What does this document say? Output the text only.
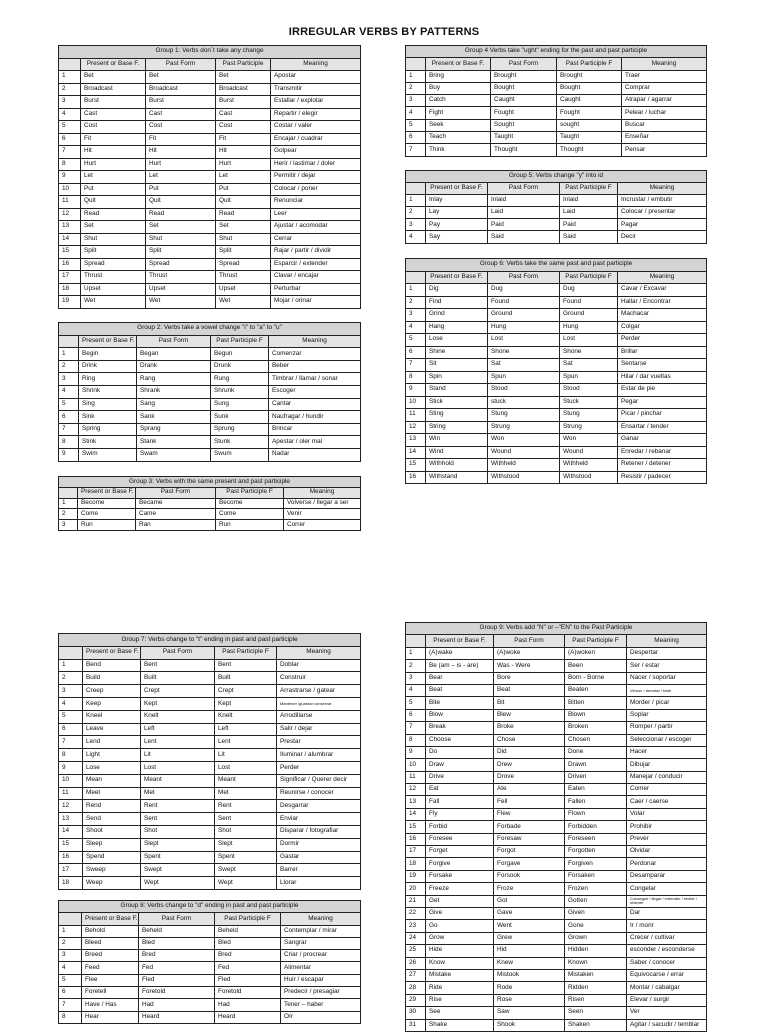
IRREGULAR VERBS BY PATTERNS
Group 1: Verbs don´t take any change				
	Present or Base F.	Past Form	Past Participle	Meaning
1	Bet	Bet	Bet	Apostar
2	Broadcast	Broadcast	Broadcast	Transmitir
3	Burst	Burst	Burst	Estallar / explotar
4	Cast	Cast	Cast	Repartir / elegir
5	Cost	Cost	Cost	Costar / valer
6	Fit	Fit	Fit	Encajar / cuadrar
7	Hit	Hit	Hit	Golpear
8	Hurt	Hurt	Hurt	Herir / lastimar / doler
9	Let	Let	Let	Permitir / dejar
10	Put	Put	Put	Colocar / poner
11	Quit	Quit	Quit	Renunciar
12	Read	Read	Read	Leer
13	Set	Set	Set	Ajustar / acomodar
14	Shut	Shut	Shut	Cerrar
15	Split	Split	Split	Rajar / partir / dividir
16	Spread	Spread	Spread	Esparcir / extender
17	Thrust	Thrust	Thrust	Clavar / encajar
18	Upset	Upset	Upset	Perturbar
19	Wet	Wet	Wet	Mojar / orinar
Group 2: Verbs take a vowel change "i" to "a" to "u"				
	Present or Base F.	Past Form	Past Participle F	Meaning
1	Begin	Began	Begun	Comenzar
2	Drink	Drank	Drunk	Beber
3	Ring	Rang	Rung	Timbrar / llamar / sonar
4	Shrink	Shrank	Shrunk	Escoger
5	Sing	Sang	Sung	Cantar
6	Sink	Sank	Sunk	Naufragar / hundir
7	Spring	Sprang	Sprung	Brincar
8	Stink	Stank	Stunk	Apestar / oler mal
9	Swim	Swam	Swum	Nadar
Group 3: Verbs with the same present and past participle				
	Present or Base F.	Past Form	Past Participle F	Meaning
1	Become	Became	Become	Volverse / llegar a ser
2	Come	Came	Come	Venir
3	Run	Ran	Run	Correr
Group 4 Verbs take "ught" ending for the past and past participle				
	Present or Base F.	Past Form	Past Participle F	Meaning
1	Bring	Brought	Brought	Traer
2	Buy	Bought	Bought	Comprar
3	Catch	Caught	Caught	Atrapar / agarrar
4	Fight	Fought	Fought	Pelear / luchar
5	Seek	Sought	sought	Buscar
6	Teach	Taught	Taught	Enseñar
7	Think	Thought	Thought	Pensar
Group 5: Verbs change "y" into id				
	Present or Base F.	Past Form	Past Participle F	Meaning
1	Inlay	Inlaid	Inlaid	Incrustar / embutir
2	Lay	Laid	Laid	Colocar / presentar
3	Pay	Paid	Paid	Pagar
4	Say	Said	Said	Decir
Group 6: Verbs take the same past and past participle				
	Present or Base F.	Past Form	Past Participle F	Meaning
1	Dig	Dug	Dug	Cavar / Excavar
2	Find	Found	Found	Hallar / Encontrar
3	Grind	Ground	Ground	Machacar
4	Hang	Hung	Hung	Colgar
5	Lose	Lost	Lost	Perder
6	Shine	Shone	Shone	Brillar
7	Sit	Sat	Sat	Sentarse
8	Spin	Spun	Spun	Hilar / dar vueltas
9	Stand	Stood	Stood	Estar de pie
10	Stick	stuck	Stuck	Pegar
11	Sting	Stung	Stung	Picar / pinchar
12	String	Strung	Strung	Ensartar / tender
13	Win	Won	Won	Ganar
14	Wind	Wound	Wound	Enredar / rebanar
15	Withhold	Withheld	Withheld	Retener / detener
16	Withstand	Withstood	Withstood	Resistir / padecer
Group 7: Verbs change to "t" ending in past and past participle				
	Present or Base F.	Past Form	Past Participle F	Meaning
1	Bend	Bent	Bent	Doblar
2	Build	Built	Built	Construir
3	Creep	Crept	Crept	Arrastrarse / gatear
4	Keep	Kept	Kept	Mantener /guardar conservar
5	Kneel	Knelt	Knelt	Arrodillarse
6	Leave	Left	Left	Salir / dejar
7	Lend	Lent	Lent	Prestar
8	Light	Lit	Lit	Iluminar / alumbrar
9	Lose	Lost	Lost	Perder
10	Mean	Meant	Meant	Significar / Querer decir
11	Meet	Met	Met	Reunirse / conocer
12	Rend	Rent	Rent	Desgarrar
13	Send	Sent	Sent	Enviar
14	Shoot	Shot	Shot	Disparar / fotografiar
15	Sleep	Slept	Slept	Dormir
16	Spend	Spent	Spent	Gastar
17	Sweep	Swept	Swept	Barrer
18	Weep	Wept	Wept	Llorar
Group 8: Verbs change to "d" ending in past and past participle				
	Present or Base F.	Past Form	Past Participle F	Meaning
1	Behold	Beheld	Beheld	Contemplar / mirar
2	Bleed	Bled	Bled	Sangrar
3	Breed	Bred	Bred	Criar / procrear
4	Feed	Fed	Fed	Alimentar
5	Flee	Fled	Fled	Huir / escapar
6	Foretell	Foretold	Foretold	Predecir / presagiar
7	Have / Has	Had	Had	Tener – haber
8	Hear	Heard	Heard	Oír
Group 9: Verbs add "N" or –"EN" to the Past Participle				
	Present or Base F.	Past Form	Past Participle F	Meaning
1	(A)wake	(A)woke	(A)woken	Despertar
2	Be (am – is - are)	Was - Were	Been	Ser / estar
3	Bear	Bore	Born - Borne	Nacer / soportar
4	Beat	Beat	Beaten	Vencer / derrotar / batir
5	Bite	Bit	Bitten	Morder / picar
6	Blow	Blew	Blown	Soplar
7	Break	Broke	Broken	Romper / partir
8	Choose	Chose	Chosen	Seleccionar / escoger
9	Do	Did	Done	Hacer
10	Draw	Drew	Drawn	Dibujar
11	Drive	Drove	Driven	Manejar / conducir
12	Eat	Ate	Eaten	Comer
13	Fall	Fell	Fallen	Caer / caerse
14	Fly	Flew	Flown	Volar
15	Forbid	Forbade	Forbidden	Prohibir
16	Foresee	Foresaw	Foreseen	Prever
17	Forget	Forgot	Forgotten	Olvidar
18	Forgive	Forgave	Forgiven	Perdonar
19	Forsake	Forsook	Forsaken	Desamparar
20	Freeze	Froze	Frozen	Congelar
21	Get	Got	Gotten	Conseguir / llegar / entender / recibir / obtener
22	Give	Gave	Given	Dar
23	Go	Went	Gone	Ir / morir
24	Grow	Grew	Grown	Crecer / cultivar
25	Hide	Hid	Hidden	esconder / esconderse
26	Know	Knew	Known	Saber / conocer
27	Mistake	Mistook	Mistaken	Equivocarse / errar
28	Ride	Rode	Ridden	Montar / cabalgar
29	Rise	Rose	Risen	Elevar / surgir
30	See	Saw	Seen	Ver
31	Shake	Shook	Shaken	Agitar / sacudir / temblar
